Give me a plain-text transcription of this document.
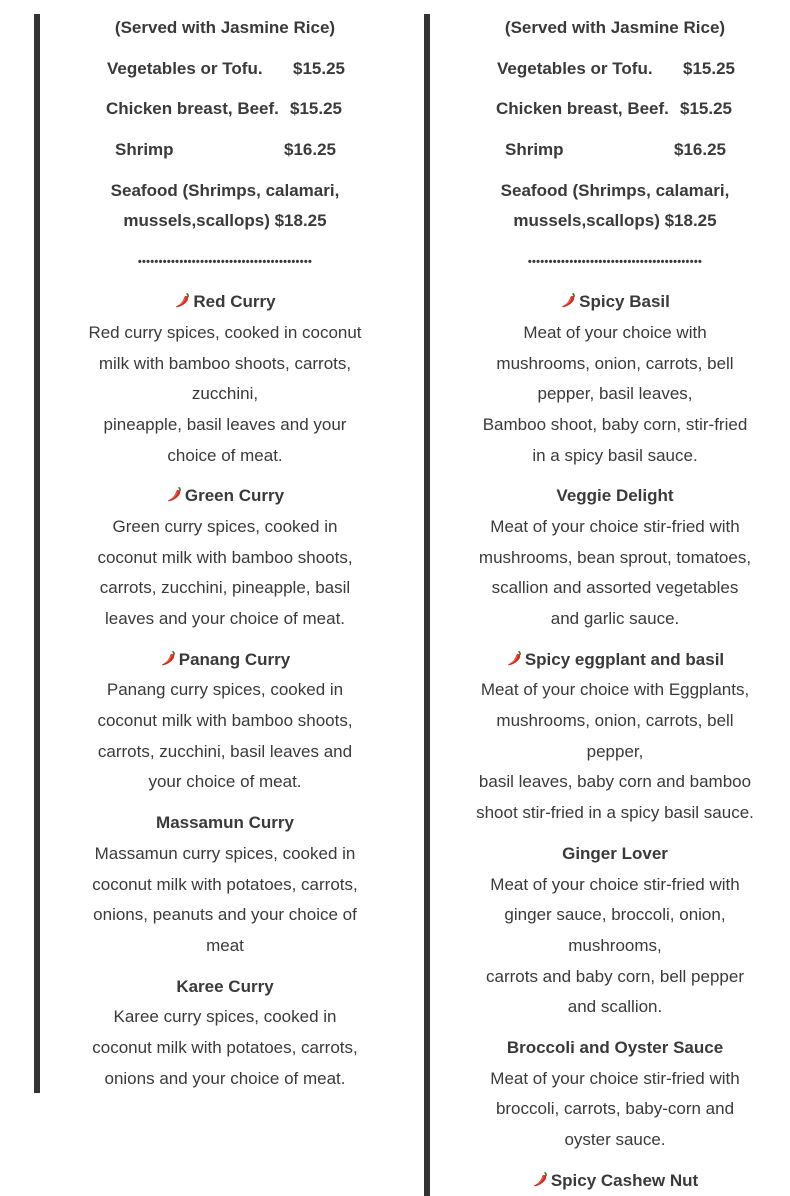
(Served with Jasmine Rice)
Vegetables or Tofu. $15.25
Chicken breast, Beef. $15.25
Shrimp	$16.25
Seafood (Shrimps, calamari,
mussels,scallops) $18.25
••••••••••••••••••••••••••••••••••••••••••
Red Curry
Red curry spices, cooked in coconut
milk with bamboo shoots, carrots,
zucchini,
pineapple, basil leaves and your
choice of meat.
Green Curry
Green curry spices, cooked in
coconut milk with bamboo shoots,
carrots, zucchini, pineapple, basil
leaves and your choice of meat.
Panang Curry
Panang curry spices, cooked in
coconut milk with bamboo shoots,
carrots, zucchini, basil leaves and
your choice of meat.
Massamun Curry
Massamun curry spices, cooked in
coconut milk with potatoes, carrots,
onions, peanuts and your choice of
meat
Karee Curry
Karee curry spices, cooked in
coconut milk with potatoes, carrots,
onions and your choice of meat.
(Served with Jasmine Rice)
Vegetables or Tofu. $15.25
Chicken breast, Beef. $15.25
Shrimp	$16.25
Seafood (Shrimps, calamari,
mussels,scallops) $18.25
••••••••••••••••••••••••••••••••••••••••••
Spicy Basil
Meat of your choice with
mushrooms, onion, carrots, bell
pepper, basil leaves,
Bamboo shoot, baby corn, stir-fried
in a spicy basil sauce.
Veggie Delight
Meat of your choice stir-fried with
mushrooms, bean sprout, tomatoes,
scallion and assorted vegetables
and garlic sauce.
Spicy eggplant and basil
Meat of your choice with Eggplants,
mushrooms, onion, carrots, bell
pepper,
basil leaves, baby corn and bamboo
shoot stir-fried in a spicy basil sauce.
Ginger Lover
Meat of your choice stir-fried with
ginger sauce, broccoli, onion,
mushrooms,
carrots and baby corn, bell pepper
and scallion.
Broccoli and Oyster Sauce
Meat of your choice stir-fried with
broccoli, carrots, baby-corn and
oyster sauce.
Spicy Cashew Nut
